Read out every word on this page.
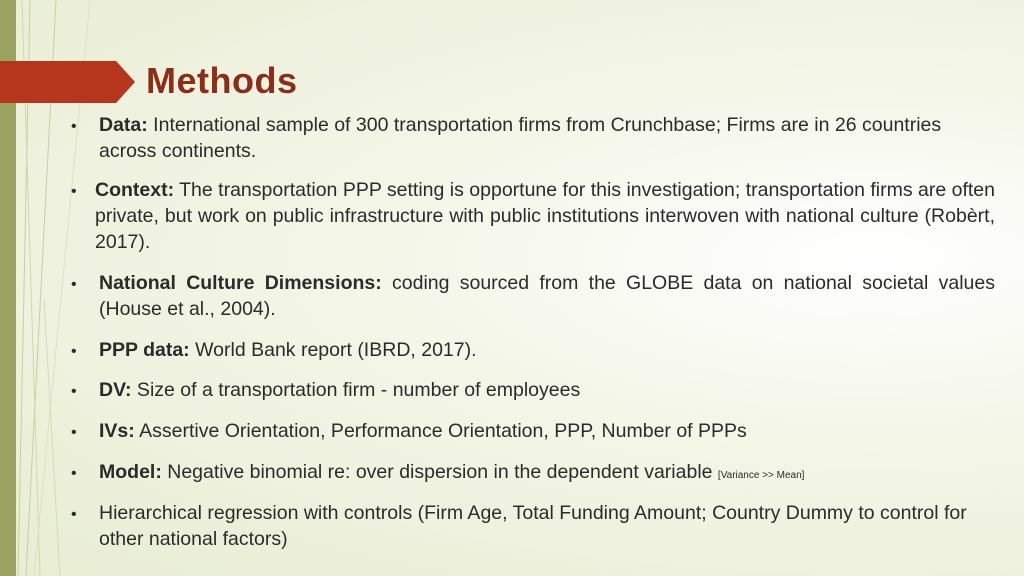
Methods
• Data: International sample of 300 transportation firms from Crunchbase; Firms are in 26 countries across continents.
• Context: The transportation PPP setting is opportune for this investigation; transportation firms are often private, but work on public infrastructure with public institutions interwoven with national culture (Robèrt, 2017).
• National Culture Dimensions: coding sourced from the GLOBE data on national societal values (House et al., 2004).
• PPP data: World Bank report (IBRD, 2017).
• DV: Size of a transportation firm - number of employees
• IVs: Assertive Orientation, Performance Orientation, PPP, Number of PPPs
• Model: Negative binomial re: over dispersion in the dependent variable [Variance >> Mean]
• Hierarchical regression with controls (Firm Age, Total Funding Amount; Country Dummy to control for other national factors)
